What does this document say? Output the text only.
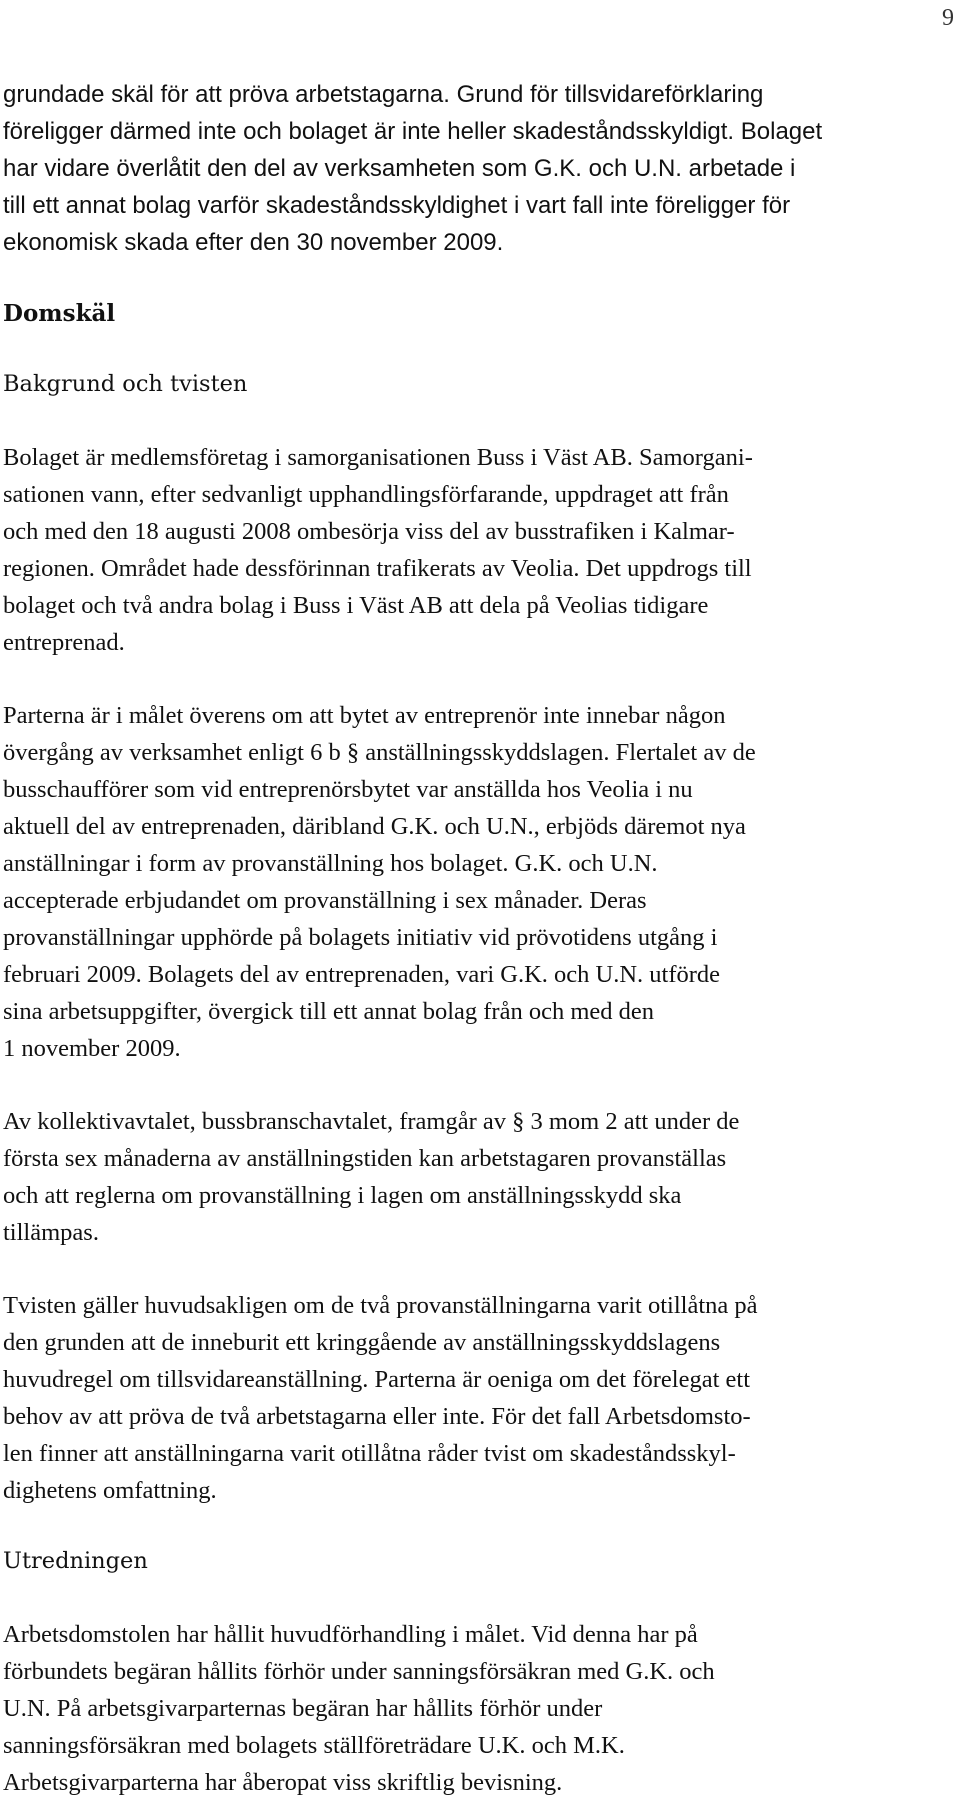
9

grundade skäl för att pröva arbetstagarna. Grund för tillsvidareförklaring

föreligger därmed inte och bolaget är inte heller skadeståndsskyldigt. Bolaget

har vidare överlåtit den del av verksamheten som G.K. och U.N. arbetade i

till ett annat bolag varför skadeståndsskyldighet i vart fall inte föreligger för

ekonomisk skada efter den 30 november 2009.

Domskäl
Bakgrund och tvisten

Bolaget är medlemsföretag i samorganisationen Buss i Väst AB. Samorgani-

sationen vann, efter sedvanligt upphandlingsförfarande, uppdraget att från

och med den 18 augusti 2008 ombesörja viss del av busstrafiken i Kalmar-

regionen. Området hade dessförinnan trafikerats av Veolia. Det uppdrogs till

bolaget och två andra bolag i Buss i Väst AB att dela på Veolias tidigare

entreprenad.

Parterna är i målet överens om att bytet av entreprenör inte innebar någon

övergång av verksamhet enligt 6 b § anställningsskyddslagen. Flertalet av de

busschaufförer som vid entreprenörsbytet var anställda hos Veolia i nu

aktuell del av entreprenaden, däribland G.K. och U.N., erbjöds däremot nya

anställningar i form av provanställning hos bolaget. G.K. och U.N.

accepterade erbjudandet om provanställning i sex månader. Deras

provanställningar upphörde på bolagets initiativ vid prövotidens utgång i

februari 2009. Bolagets del av entreprenaden, vari G.K. och U.N. utförde

sina arbetsuppgifter, övergick till ett annat bolag från och med den

1 november 2009.

Av kollektivavtalet, bussbranschavtalet, framgår av § 3 mom 2 att under de

första sex månaderna av anställningstiden kan arbetstagaren provanställas

och att reglerna om provanställning i lagen om anställningsskydd ska

tillämpas.

Tvisten gäller huvudsakligen om de två provanställningarna varit otillåtna på

den grunden att de inneburit ett kringgående av anställningsskyddslagens

huvudregel om tillsvidareanställning. Parterna är oeniga om det förelegat ett

behov av att pröva de två arbetstagarna eller inte. För det fall Arbetsdomsto-

len finner att anställningarna varit otillåtna råder tvist om skadeståndsskyl-

dighetens omfattning.

Utredningen

Arbetsdomstolen har hållit huvudförhandling i målet. Vid denna har på

förbundets begäran hållits förhör under sanningsförsäkran med G.K. och

U.N. På arbetsgivarparternas begäran har hållits förhör under

sanningsförsäkran med bolagets ställföreträdare U.K. och M.K.

Arbetsgivarparterna har åberopat viss skriftlig bevisning.
